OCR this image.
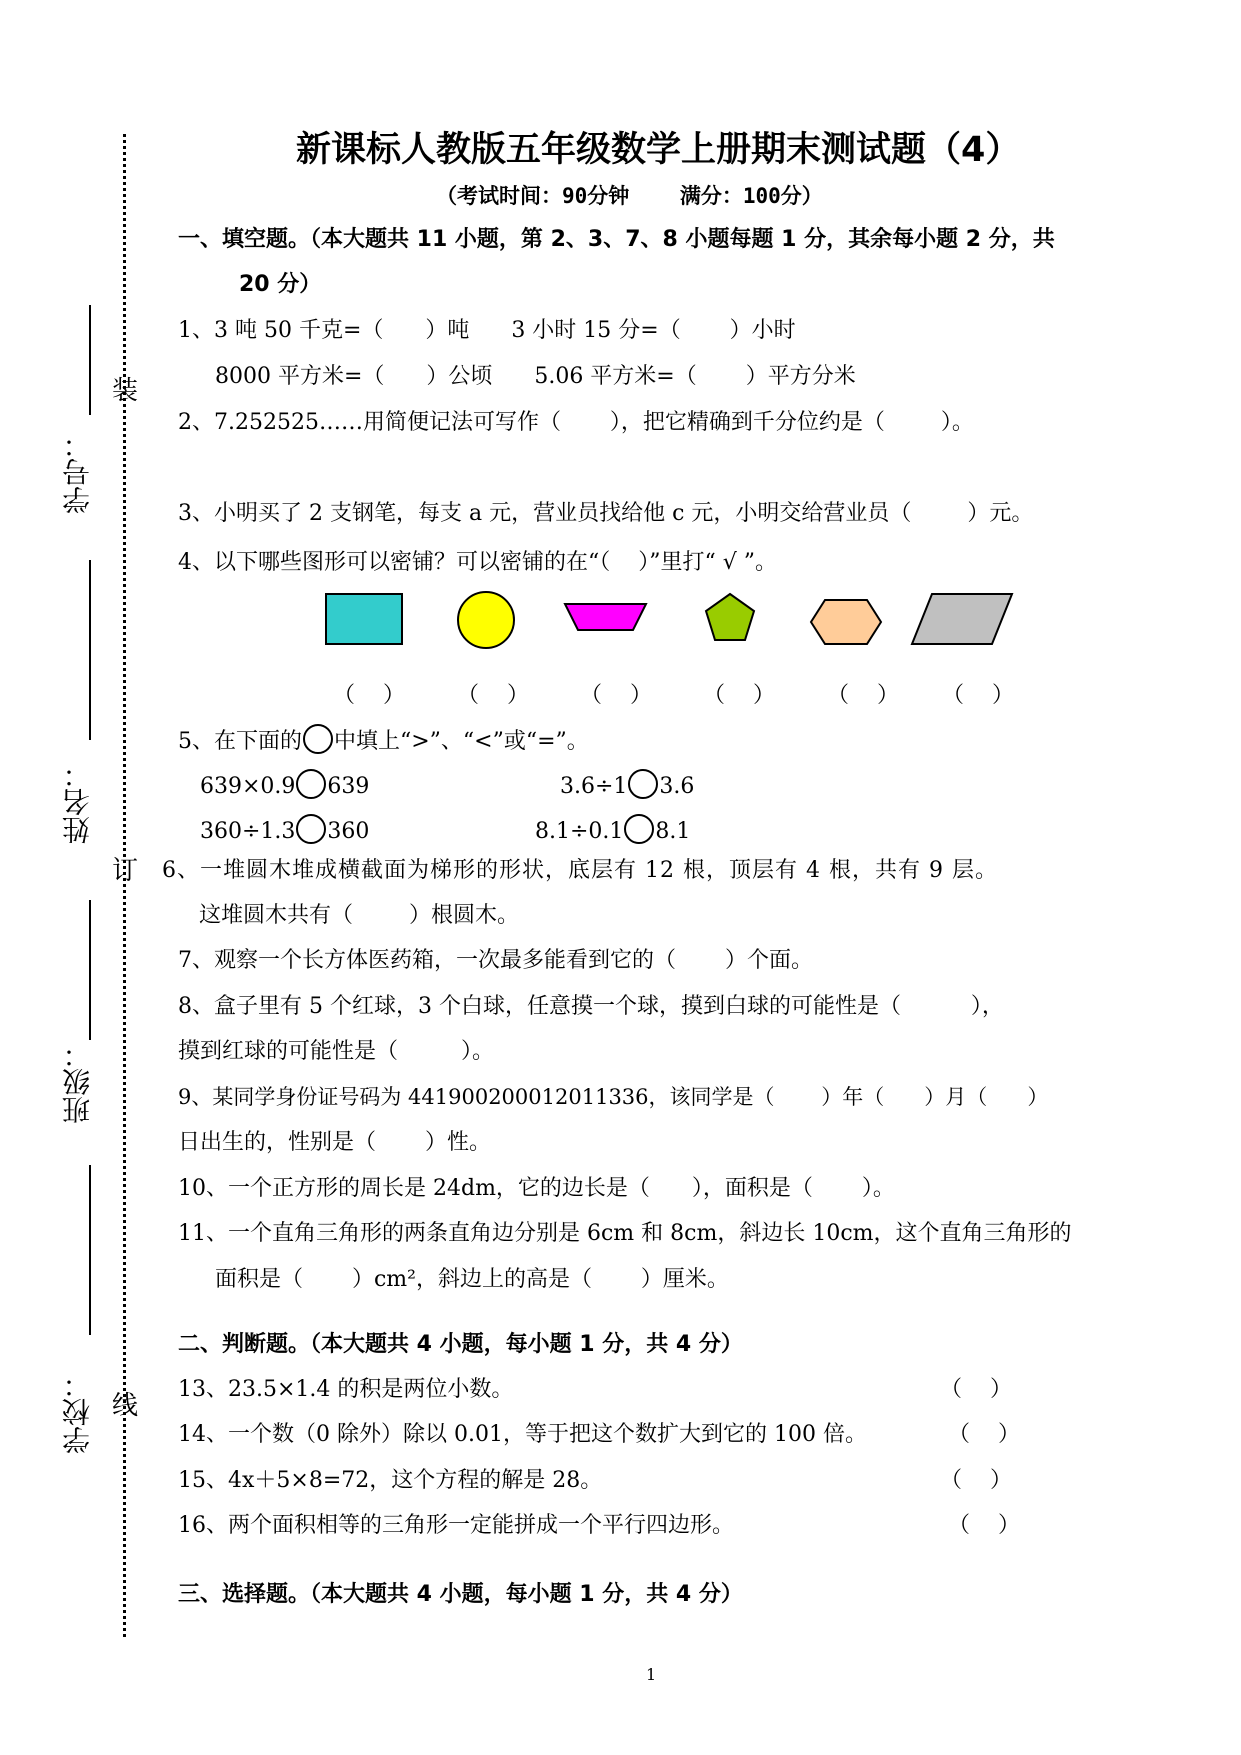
学号：
姓名：
班级：
学校：
装
订
线
新课标人教版五年级数学上册期末测试题（4）
（考试时间：90分钟    满分：100分）
一、填空题。（本大题共 11 小题，第 2、3、7、8 小题每题 1 分，其余每小题 2 分，共
20 分）
1、3 吨 50 千克=（      ）吨      3 小时 15 分=（       ）小时
8000 平方米=（      ）公顷      5.06 平方米=（       ）平方分米
2、7.252525……用简便记法可写作（       ），把它精确到千分位约是（        ）。
3、小明买了 2 支钢笔，每支 a 元，营业员找给他 c 元，小明交给营业员（        ）元。
4、以下哪些图形可以密铺？可以密铺的在“（    ）”里打“ √ ”。
（    ） （    ） （    ） （    ） （    ） （    ）
5、在下面的 中填上“>”、“<”或“=”。
639×0.9 639	3.6÷1 3.6
360÷1.3 360	8.1÷0.1 8.1
6、一堆圆木堆成横截面为梯形的形状，底层有 12 根，顶层有 4 根，共有 9 层。
这堆圆木共有（        ）根圆木。
7、观察一个长方体医药箱，一次最多能看到它的（       ）个面。
8、盒子里有 5 个红球，3 个白球，任意摸一个球，摸到白球的可能性是（          ），
摸到红球的可能性是（         ）。
9、某同学身份证号码为 441900200012011336，该同学是（       ）年（      ）月（      ）
日出生的，性别是（       ）性。
10、一个正方形的周长是 24dm，它的边长是（      ），面积是（       ）。
11、一个直角三角形的两条直角边分别是 6cm 和 8cm，斜边长 10cm，这个直角三角形的
面积是（       ）cm²，斜边上的高是（       ）厘米。
二、判断题。（本大题共 4 小题，每小题 1 分，共 4 分）
13、23.5×1.4 的积是两位小数。	（    ）
14、一个数（0 除外）除以 0.01，等于把这个数扩大到它的 100 倍。	（    ）
15、4x＋5×8=72，这个方程的解是 28。	（    ）
16、两个面积相等的三角形一定能拼成一个平行四边形。	（    ）
三、选择题。（本大题共 4 小题，每小题 1 分，共 4 分）
1
